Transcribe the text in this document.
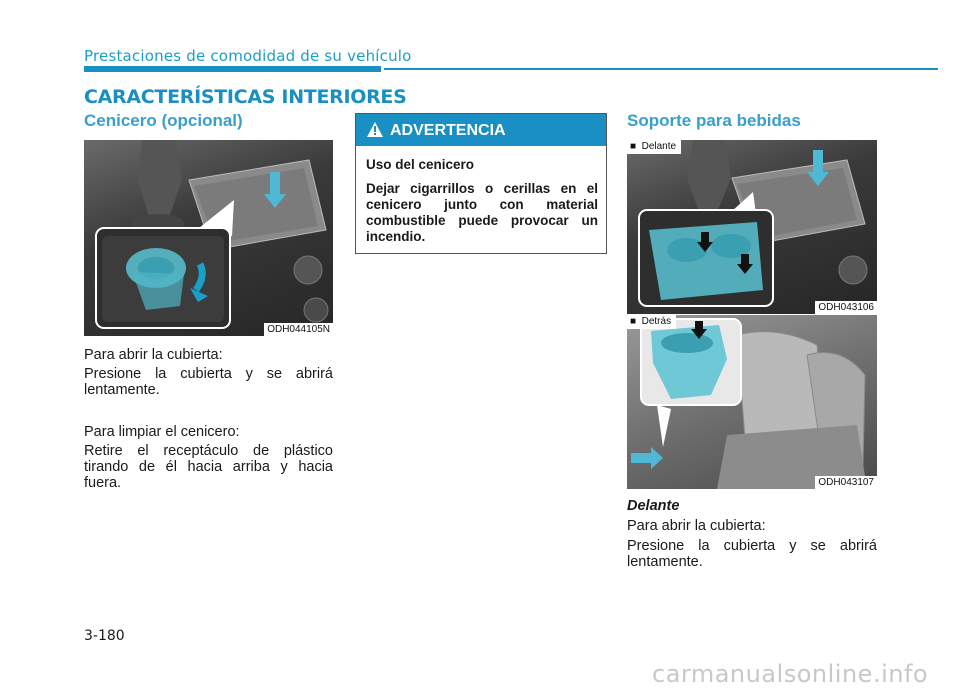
Prestaciones de comodidad de su vehículo
CARACTERÍSTICAS INTERIORES
Cenicero (opcional)
ODH044105N
Para abrir la cubierta:
Presione la cubierta y se abrirá lentamente.
Para limpiar el cenicero:
Retire el receptáculo de plástico tirando de él hacia arriba y hacia fuera.
ADVERTENCIA
Uso del cenicero
Dejar cigarrillos o cerillas en el cenicero junto con material combustible puede provocar un incendio.
Soporte para bebidas
■ Delante
ODH043106
■ Detrás
ODH043107
Delante
Para abrir la cubierta:
Presione la cubierta y se abrirá lentamente.
3-180
carmanualsonline.info
